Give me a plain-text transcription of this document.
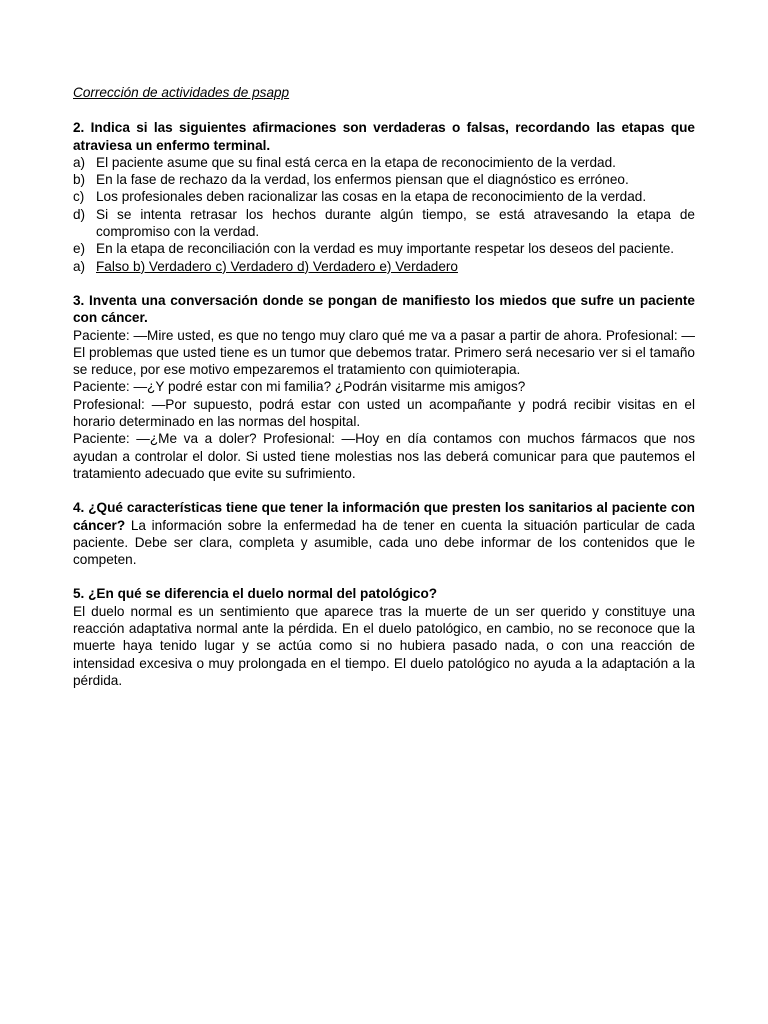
Corrección de actividades de psapp

2. Indica si las siguientes afirmaciones son verdaderas o falsas, recordando las etapas que atraviesa un enfermo terminal.

a) El paciente asume que su final está cerca en la etapa de reconocimiento de la verdad.
b) En la fase de rechazo da la verdad, los enfermos piensan que el diagnóstico es erróneo.
c) Los profesionales deben racionalizar las cosas en la etapa de reconocimiento de la verdad.
d) Si se intenta retrasar los hechos durante algún tiempo, se está atravesando la etapa de compromiso con la verdad.
e) En la etapa de reconciliación con la verdad es muy importante respetar los deseos del paciente.
a) Falso b) Verdadero c) Verdadero d) Verdadero e) Verdadero

3. Inventa una conversación donde se pongan de manifiesto los miedos que sufre un paciente con cáncer.

Paciente: —Mire usted, es que no tengo muy claro qué me va a pasar a partir de ahora. Profesional: —El problemas que usted tiene es un tumor que debemos tratar. Primero será necesario ver si el tamaño se reduce, por ese motivo empezaremos el tratamiento con quimioterapia.

Paciente: —¿Y podré estar con mi familia? ¿Podrán visitarme mis amigos?

Profesional: —Por supuesto, podrá estar con usted un acompañante y podrá recibir visitas en el horario determinado en las normas del hospital.

Paciente: —¿Me va a doler? Profesional: —Hoy en día contamos con muchos fármacos que nos ayudan a controlar el dolor. Si usted tiene molestias nos las deberá comunicar para que pautemos el tratamiento adecuado que evite su sufrimiento.

4. ¿Qué características tiene que tener la información que presten los sanitarios al paciente con cáncer? La información sobre la enfermedad ha de tener en cuenta la situación particular de cada paciente. Debe ser clara, completa y asumible, cada uno debe informar de los contenidos que le competen.

5. ¿En qué se diferencia el duelo normal del patológico?

El duelo normal es un sentimiento que aparece tras la muerte de un ser querido y constituye una reacción adaptativa normal ante la pérdida. En el duelo patológico, en cambio, no se reconoce que la muerte haya tenido lugar y se actúa como si no hubiera pasado nada, o con una reacción de intensidad excesiva o muy prolongada en el tiempo. El duelo patológico no ayuda a la adaptación a la pérdida.
